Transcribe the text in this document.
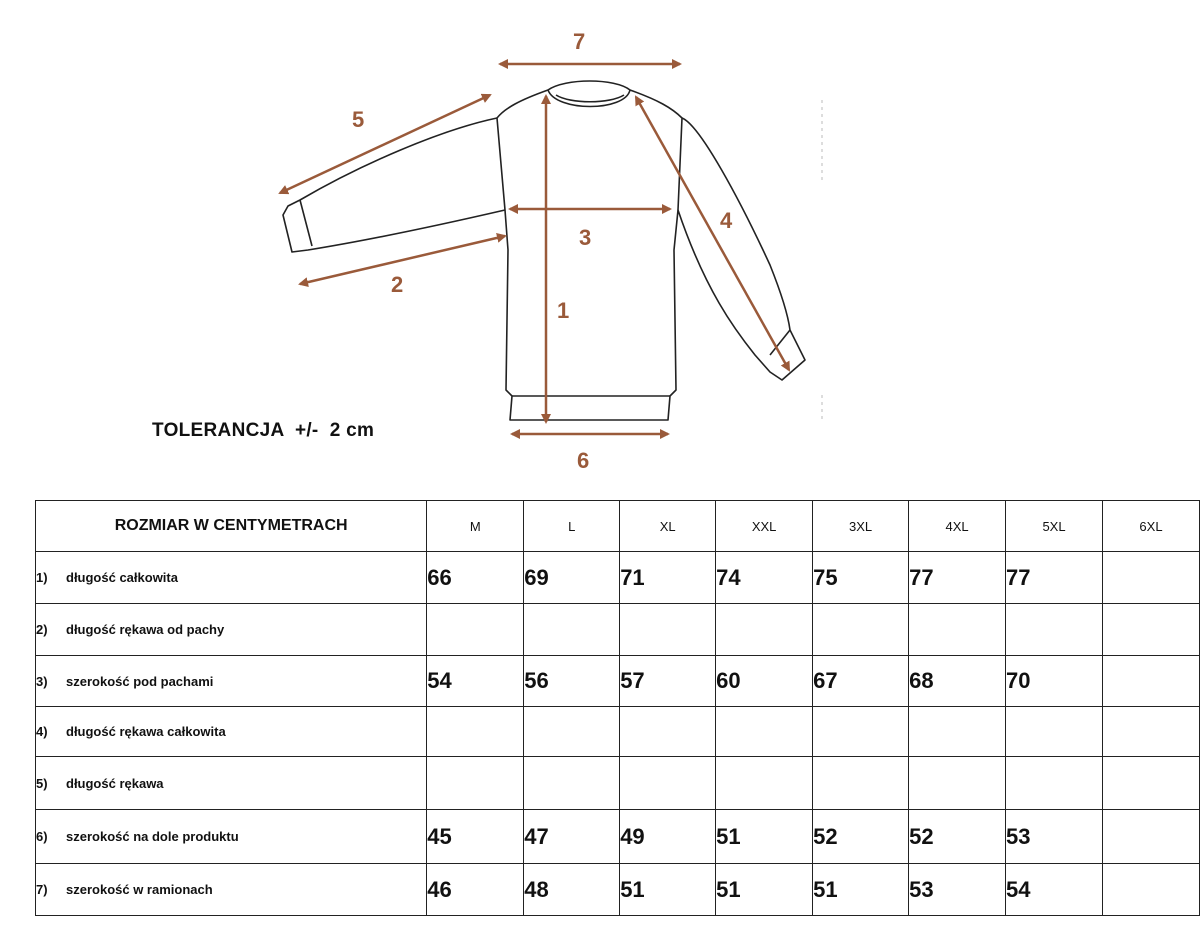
1
2
3
4
5
6
7
TOLERANCJA  +/-  2 cm
ROZMIAR W CENTYMETRACH	M	L	XL	XXL	3XL	4XL	5XL	6XL
1) długość całkowita	66	69	71	74	75	77	77	
2) długość rękawa od pachy								
3) szerokość pod pachami	54	56	57	60	67	68	70	
4) długość rękawa całkowita								
5) długość rękawa								
6) szerokość na dole produktu	45	47	49	51	52	52	53	
7) szerokość w ramionach	46	48	51	51	51	53	54	
